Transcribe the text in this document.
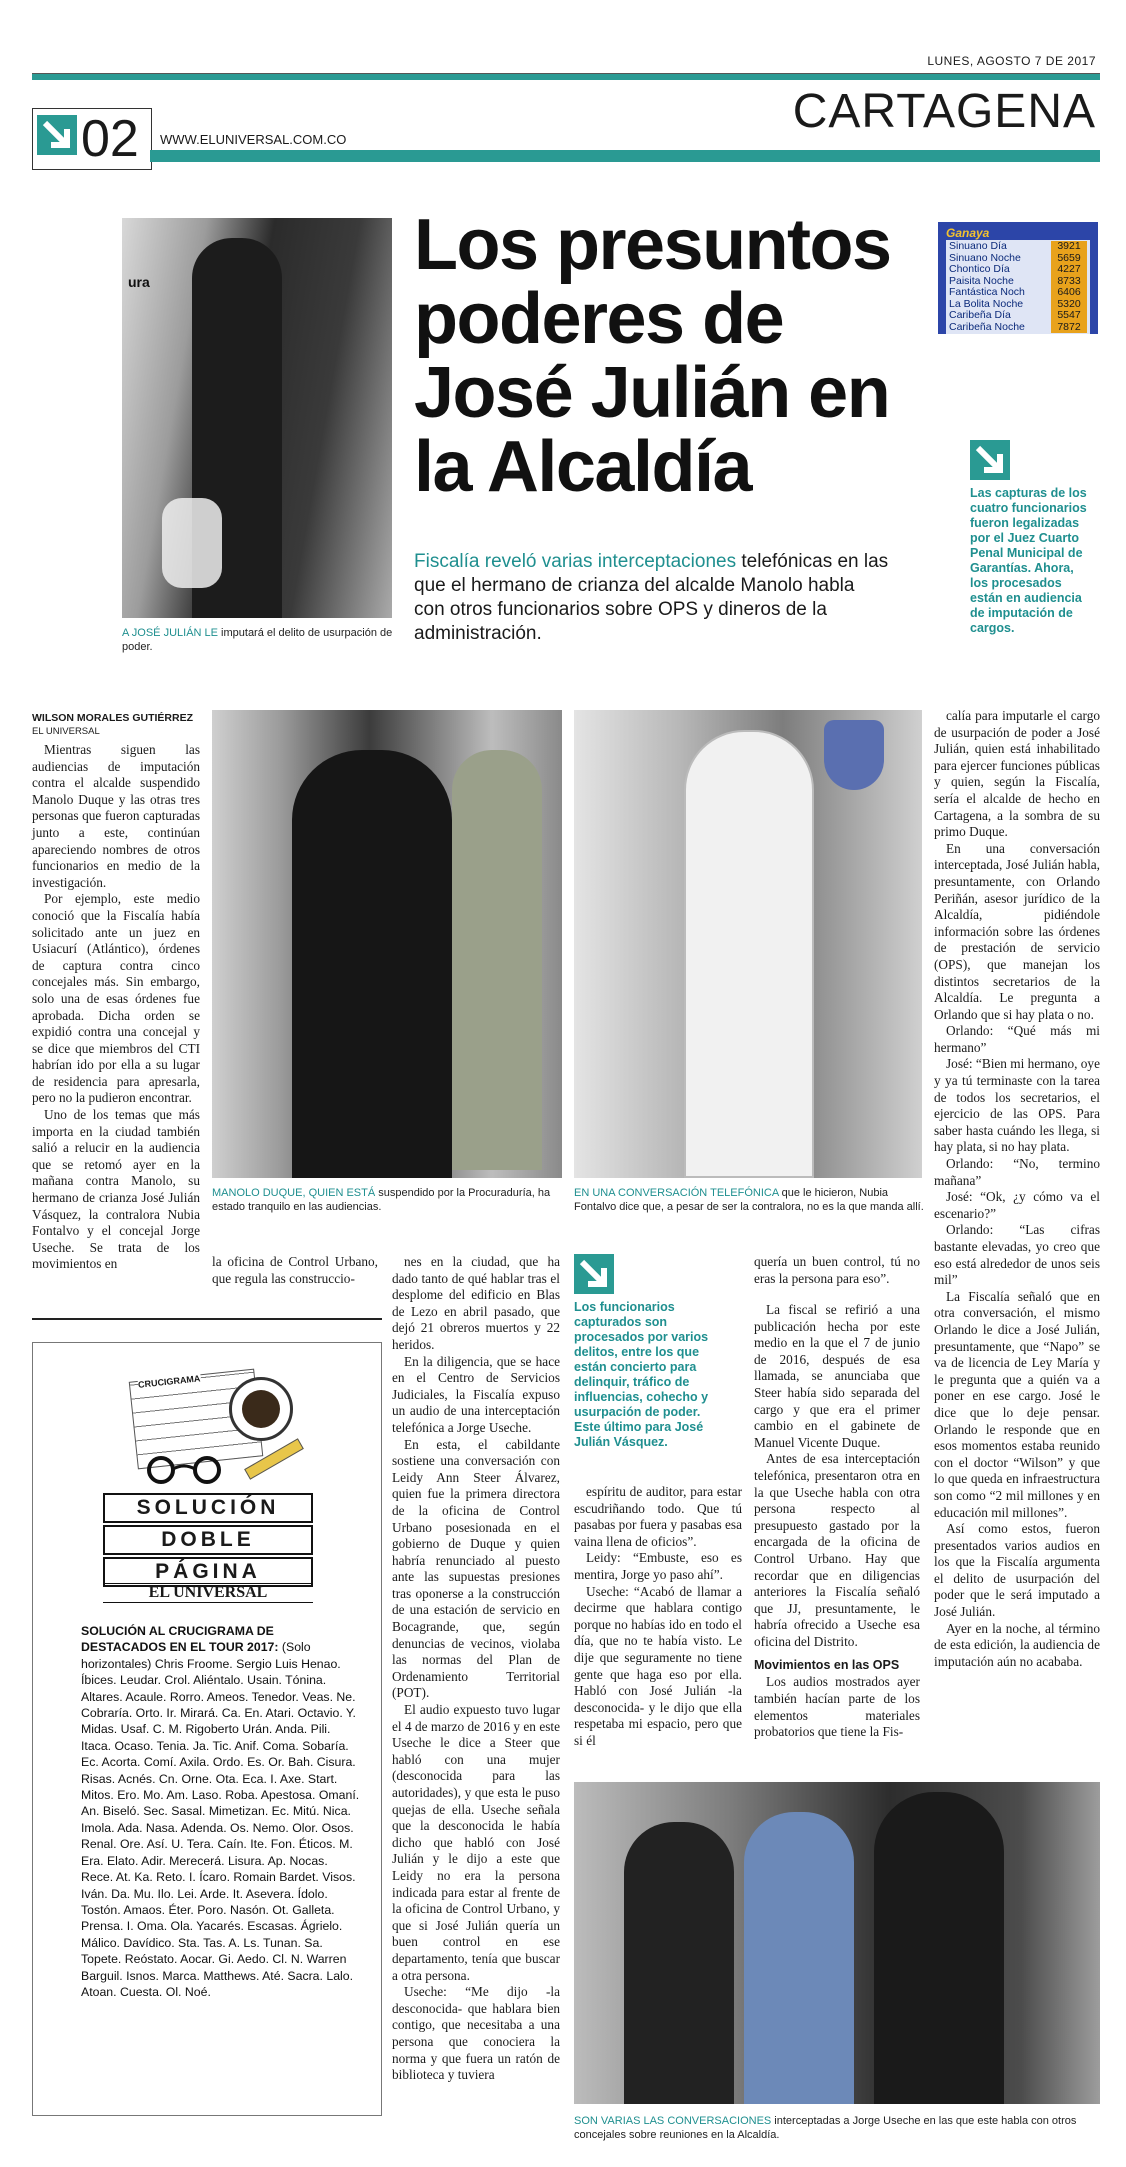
LUNES, AGOSTO 7 DE 2017
02 WWW.ELUNIVERSAL.COM.CO
CARTAGENA
ura
A JOSÉ JULIÁN LE imputará el delito de usurpación de poder.
Los presuntos poderes de José Julián en la Alcaldía
Fiscalía reveló varias interceptaciones telefónicas en las que el hermano de crianza del alcalde Manolo habla con otros funcionarios sobre OPS y dineros de la administración.
Ganaya
Sinuano Día	3921
Sinuano Noche	5659
Chontico Día	4227
Paisita Noche	8733
Fantástica Noch	6406
La Bolita Noche	5320
Caribeña Día	5547
Caribeña Noche	7872
Las capturas de los cuatro funcionarios fueron legalizadas por el Juez Cuarto Penal Municipal de Garantías. Ahora, los procesados están en audiencia de imputación de cargos.
WILSON MORALES GUTIÉRREZ
EL UNIVERSAL

Mientras siguen las audiencias de imputación contra el alcalde suspendido Manolo Duque y las otras tres personas que fueron capturadas junto a este, continúan apareciendo nombres de otros funcionarios en medio de la investigación.

Por ejemplo, este medio conoció que la Fiscalía había solicitado ante un juez en Usiacurí (Atlántico), órdenes de captura contra cinco concejales más. Sin embargo, solo una de esas órdenes fue aprobada. Dicha orden se expidió contra una concejal y se dice que miembros del CTI habrían ido por ella a su lugar de residencia para apresarla, pero no la pudieron encontrar.

Uno de los temas que más importa en la ciudad también salió a relucir en la audiencia que se retomó ayer en la mañana contra Manolo, su hermano de crianza José Julián Vásquez, la contralora Nubia Fontalvo y el concejal Jorge Useche. Se trata de los movimientos en

MANOLO DUQUE, QUIEN ESTÁ suspendido por la Procuraduría, ha estado tranquilo en las audiencias.
EN UNA CONVERSACIÓN TELEFÓNICA que le hicieron, Nubia Fontalvo dice que, a pesar de ser la contralora, no es la que manda allí.

calía para imputarle el cargo de usurpación de poder a José Julián, quien está inhabilitado para ejercer funciones públicas y quien, según la Fiscalía, sería el alcalde de hecho en Cartagena, a la sombra de su primo Duque.

En una conversación interceptada, José Julián habla, presuntamente, con Orlando Periñán, asesor jurídico de la Alcaldía, pidiéndole información sobre las órdenes de prestación de servicio (OPS), que manejan los distintos secretarios de la Alcaldía. Le pregunta a Orlando que si hay plata o no.

Orlando: “Qué más mi hermano”

José: “Bien mi hermano, oye y ya tú terminaste con la tarea de todos los secretarios, el ejercicio de las OPS. Para saber hasta cuándo les llega, si hay plata, si no hay plata.

Orlando: “No, termino mañana”

José: “Ok, ¿y cómo va el escenario?”

Orlando: “Las cifras bastante elevadas, yo creo que eso está alrededor de unos seis mil”

La Fiscalía señaló que en otra conversación, el mismo Orlando le dice a José Julián, presuntamente, que “Napo” se va de licencia de Ley María y le pregunta que a quién va a poner en ese cargo. José le dice que lo deje pensar. Orlando le responde que en esos momentos estaba reunido con el doctor “Wilson” y que lo que queda en infraestructura son como “2 mil millones y en educación mil millones”.

Así como estos, fueron presentados varios audios en los que la Fiscalía argumenta el delito de usurpación del poder que le será imputado a José Julián.

Ayer en la noche, al término de esta edición, la audiencia de imputación aún no acababa.

la oficina de Control Urbano, que regula las construccio-

nes en la ciudad, que ha dado tanto de qué hablar tras el desplome del edificio en Blas de Lezo en abril pasado, que dejó 21 obreros muertos y 22 heridos.

En la diligencia, que se hace en el Centro de Servicios Judiciales, la Fiscalía expuso un audio de una interceptación telefónica a Jorge Useche.

En esta, el cabildante sostiene una conversación con Leidy Ann Steer Álvarez, quien fue la primera directora de la oficina de Control Urbano posesionada en el gobierno de Duque y quien habría renunciado al puesto ante las supuestas presiones tras oponerse a la construcción de una estación de servicio en Bocagrande, que, según denuncias de vecinos, violaba las normas del Plan de Ordenamiento Territorial (POT).

El audio expuesto tuvo lugar el 4 de marzo de 2016 y en este Useche le dice a Steer que habló con una mujer (desconocida para las autoridades), y que esta le puso quejas de ella. Useche señala que la desconocida le había dicho que habló con José Julián y le dijo a este que Leidy no era la persona indicada para estar al frente de la oficina de Control Urbano, y que si José Julián quería un buen control en ese departamento, tenía que buscar a otra persona.

Useche: “Me dijo -la desconocida- que hablara bien contigo, que necesitaba a una persona que conociera la norma y que fuera un ratón de biblioteca y tuviera

Los funcionarios capturados son procesados por varios delitos, entre los que están concierto para delinquir, tráfico de influencias, cohecho y usurpación de poder. Este último para José Julián Vásquez.

quería un buen control, tú no eras la persona para eso”.

espíritu de auditor, para estar escudriñando todo. Que tú pasabas por fuera y pasabas esa vaina llena de oficios”.

Leidy: “Embuste, eso es mentira, Jorge yo paso ahí”.

Useche: “Acabó de llamar a decirme que hablara contigo porque no habías ido en todo el día, que no te había visto. Le dije que seguramente no tiene gente que haga eso por ella. Habló con José Julián -la desconocida- y le dijo que ella respetaba mi espacio, pero que si él

La fiscal se refirió a una publicación hecha por este medio en la que el 7 de junio de 2016, después de esa llamada, se anunciaba que Steer había sido separada del cargo y que era el primer cambio en el gabinete de Manuel Vicente Duque.

Antes de esa interceptación telefónica, presentaron otra en la que Useche habla con otra persona respecto al presupuesto gastado por la encargada de la oficina de Control Urbano. Hay que recordar que en diligencias anteriores la Fiscalía señaló que JJ, presuntamente, le habría ofrecido a Useche esa oficina del Distrito.

Movimientos en las OPS

Los audios mostrados ayer también hacían parte de los elementos materiales probatorios que tiene la Fis-

SON VARIAS LAS CONVERSACIONES interceptadas a Jorge Useche en las que este habla con otros concejales sobre reuniones en la Alcaldía.
CRUCIGRAMA
SOLUCIÓN
DOBLE
PÁGINA
EL UNIVERSAL
SOLUCIÓN AL CRUCIGRAMA DE DESTACADOS EN EL TOUR 2017: (Solo horizontales) Chris Froome. Sergio Luis Henao. Íbices. Leudar. Crol. Aliéntalo. Usain. Tónina. Altares. Acaule. Rorro. Ameos. Tenedor. Veas. Ne. Cobraría. Orto. Ir. Mirará. Ca. En. Atari. Octavio. Y. Midas. Usaf. C. M. Rigoberto Urán. Anda. Pili. Itaca. Ocaso. Tenia. Ja. Tic. Anif. Coma. Sobaría. Ec. Acorta. Comí. Axila. Ordo. Es. Or. Bah. Cisura. Risas. Acnés. Cn. Orne. Ota. Eca. I. Axe. Start. Mitos. Ero. Mo. Am. Laso. Roba. Apestosa. Omaní. An. Biseló. Sec. Sasal. Mimetizan. Ec. Mitú. Nica. Imola. Ada. Nasa. Adenda. Os. Nemo. Olor. Osos. Renal. Ore. Así. U. Tera. Caín. Ite. Fon. Éticos. M. Era. Elato. Adir. Merecerá. Lisura. Ap. Nocas. Rece. At. Ka. Reto. I. Ícaro. Romain Bardet. Visos. Iván. Da. Mu. Ilo. Lei. Arde. It. Asevera. Ídolo. Tostón. Amaos. Éter. Poro. Nasón. Ot. Galleta. Prensa. I. Oma. Ola. Yacarés. Escasas. Ágrielo. Málico. Davídico. Sta. Tas. A. Ls. Tunan. Sa. Topete. Reóstato. Aocar. Gi. Aedo. Cl. N. Warren Barguil. Isnos. Marca. Matthews. Até. Sacra. Lalo. Atoan. Cuesta. Ol. Noé.
